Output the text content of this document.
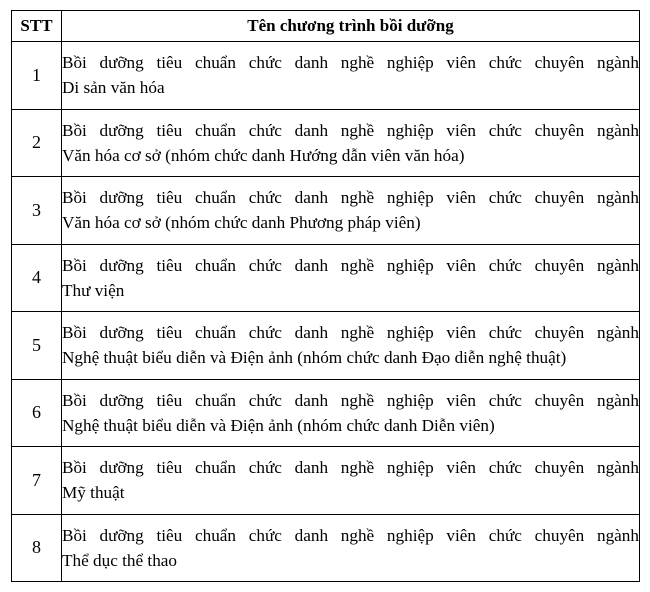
STT	Tên chương trình bồi dưỡng
1	Bồi dưỡng tiêu chuẩn chức danh nghề nghiệp viên chức chuyên ngành
Di sản văn hóa

2	Bồi dưỡng tiêu chuẩn chức danh nghề nghiệp viên chức chuyên ngành
Văn hóa cơ sở (nhóm chức danh Hướng dẫn viên văn hóa)

3	Bồi dưỡng tiêu chuẩn chức danh nghề nghiệp viên chức chuyên ngành
Văn hóa cơ sở (nhóm chức danh Phương pháp viên)

4	Bồi dưỡng tiêu chuẩn chức danh nghề nghiệp viên chức chuyên ngành
Thư viện

5	Bồi dưỡng tiêu chuẩn chức danh nghề nghiệp viên chức chuyên ngành
Nghệ thuật biểu diễn và Điện ảnh (nhóm chức danh Đạo diễn nghệ thuật)

6	Bồi dưỡng tiêu chuẩn chức danh nghề nghiệp viên chức chuyên ngành
Nghệ thuật biểu diễn và Điện ảnh (nhóm chức danh Diễn viên)

7	Bồi dưỡng tiêu chuẩn chức danh nghề nghiệp viên chức chuyên ngành
Mỹ thuật

8	Bồi dưỡng tiêu chuẩn chức danh nghề nghiệp viên chức chuyên ngành
Thể dục thể thao
